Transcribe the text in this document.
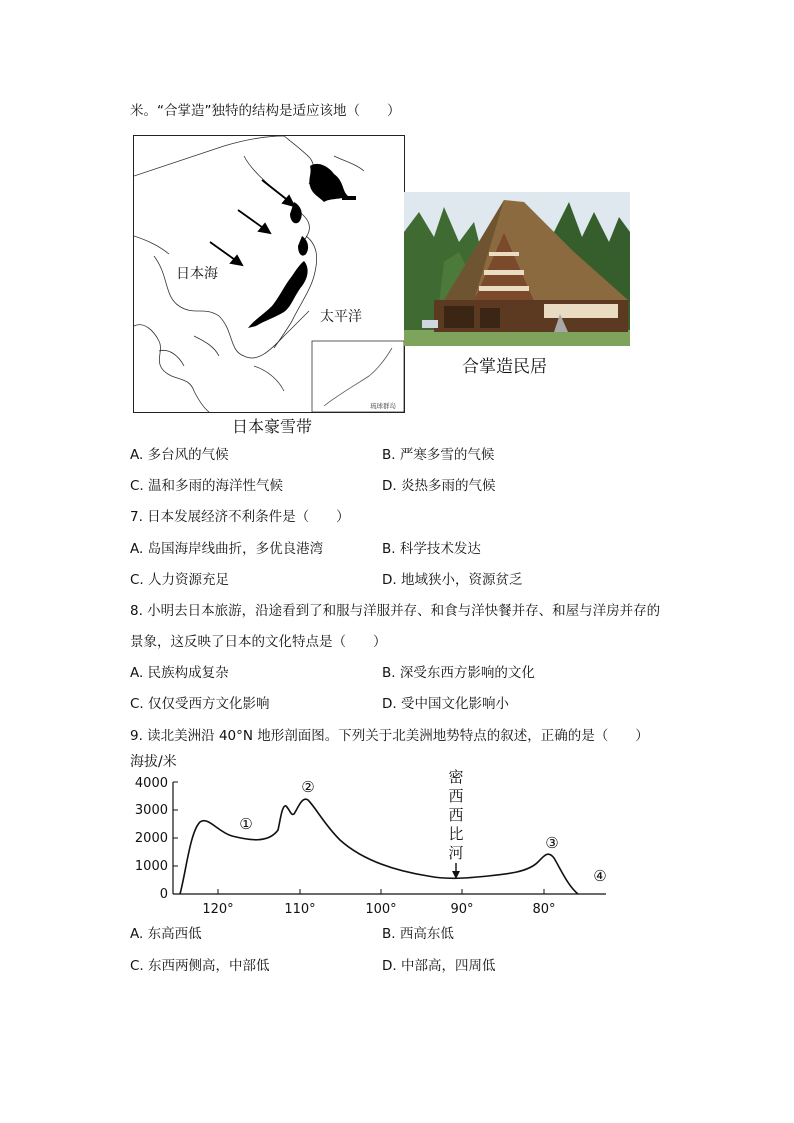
米。“合掌造”独特的结构是适应该地（　　）
琉球群岛
日本海
太平洋
日本豪雪带
合掌造民居
A. 多台风的气候	B. 严寒多雪的气候
C. 温和多雨的海洋性气候	D. 炎热多雨的气候
7. 日本发展经济不利条件是（　　）
A. 岛国海岸线曲折，多优良港湾	B. 科学技术发达
C. 人力资源充足	D. 地域狭小，资源贫乏
8. 小明去日本旅游，沿途看到了和服与洋服并存、和食与洋快餐并存、和屋与洋房并存的
景象，这反映了日本的文化特点是（　　）
A. 民族构成复杂	B. 深受东西方影响的文化
C. 仅仅受西方文化影响	D. 受中国文化影响小
9. 读北美洲沿 40°N 地形剖面图。下列关于北美洲地势特点的叙述，正确的是（　　）
海拔/米
4000
3000
2000
1000
0
120°	110°	100°	90°	80°
①
②
③
④
密
西
西
比
河
A. 东高西低	B. 西高东低
C. 东西两侧高，中部低	D. 中部高，四周低
